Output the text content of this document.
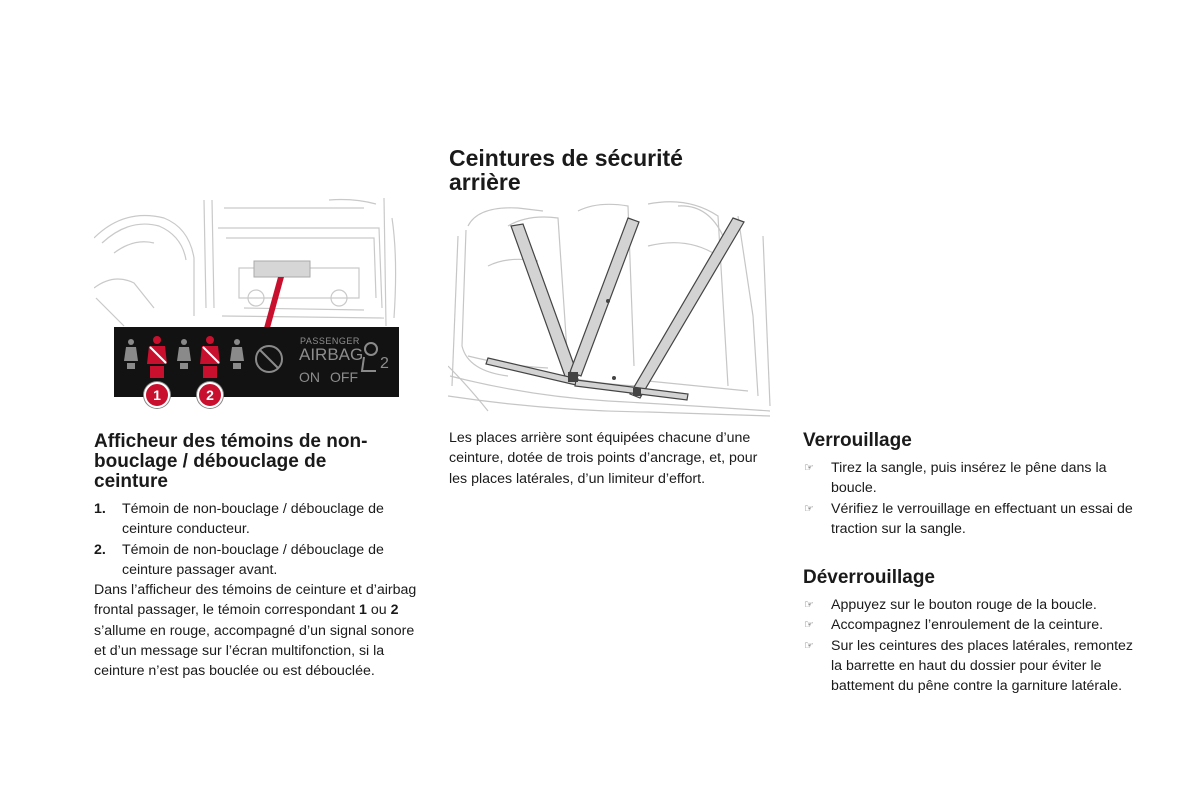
Ceintures de sécurité arrière
PASSENGER
AIRBAG
ON OFF
2
1	2
Afficheur des témoins de non-bouclage / débouclage de ceinture
1. Témoin de non-bouclage / débouclage de ceinture conducteur.
2. Témoin de non-bouclage / débouclage de ceinture passager avant.
Dans l’afficheur des témoins de ceinture et d’airbag frontal passager, le témoin correspondant 1 ou 2 s’allume en rouge, accompagné d’un signal sonore et d’un message sur l’écran multifonction, si la ceinture n’est pas bouclée ou est débouclée.
Les places arrière sont équipées chacune d’une ceinture, dotée de trois points d’ancrage, et, pour les places latérales, d’un limiteur d’effort.
Verrouillage
☞ Tirez la sangle, puis insérez le pêne dans la boucle.
☞ Vérifiez le verrouillage en effectuant un essai de traction sur la sangle.
Déverrouillage
☞ Appuyez sur le bouton rouge de la boucle.
☞ Accompagnez l’enroulement de la ceinture.
☞ Sur les ceintures des places latérales, remontez la barrette en haut du dossier pour éviter le battement du pêne contre la garniture latérale.
